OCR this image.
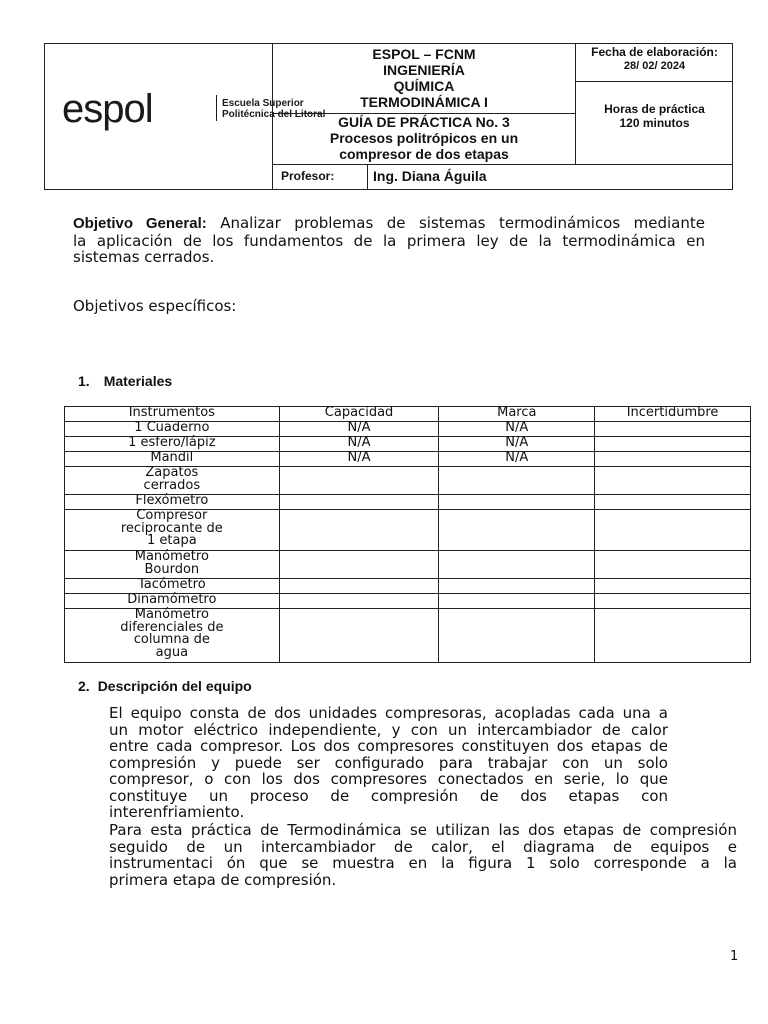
espol	Escuela Superior
Politécnica del Litoral
ESPOL – FCNM
INGENIERÍA
QUÍMICA
TERMODINÁMICA I
GUÍA DE PRÁCTICA No. 3
Procesos politrópicos en un
compresor de dos etapas
Fecha de elaboración:
28/ 02/ 2024
Horas de práctica
120 minutos
Profesor:	Ing. Diana Águila
Objetivo General: Analizar problemas de sistemas termodinámicos mediante
la aplicación de los fundamentos de la primera ley de la termodinámica en
sistemas cerrados.
Objetivos específicos:
1. Materiales
Instrumentos	Capacidad	Marca	Incertidumbre

1 Cuaderno	N/A	N/A	

1 esfero/lápiz	N/A	N/A	

Mandil	N/A	N/A	

Zapatos
cerrados			

Flexómetro			

Compresor
reciprocante de
1 etapa			

Manómetro
Bourdon			

Tacómetro			

Dinamómetro			

Manómetro
diferenciales de
columna de
agua			

2. Descripción del equipo
El equipo consta de dos unidades compresoras, acopladas cada una a
un motor eléctrico independiente, y con un intercambiador de calor
entre cada compresor. Los dos compresores constituyen dos etapas de
compresión y puede ser configurado para trabajar con un solo
compresor, o con los dos compresores conectados en serie, lo que
constituye un proceso de compresión de dos etapas con
interenfriamiento.
Para esta práctica de Termodinámica se utilizan las dos etapas de compresión
seguido de un intercambiador de calor, el diagrama de equipos e
instrumentaci ón que se muestra en la figura 1 solo corresponde a la
primera etapa de compresión.
1
